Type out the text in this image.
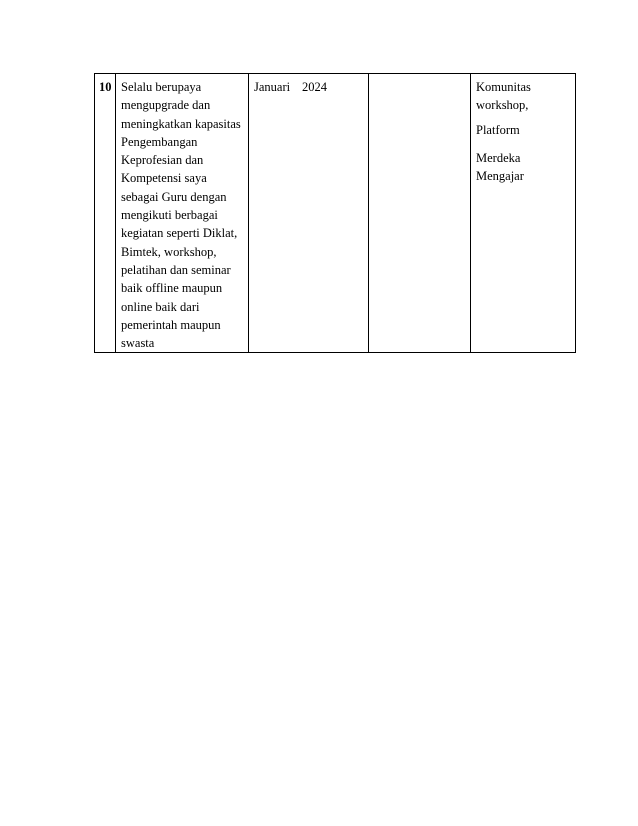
10	Selalu berupaya mengupgrade dan meningkatkan kapasitas Pengembangan Keprofesian dan Kompetensi saya sebagai Guru dengan mengikuti berbagai kegiatan seperti Diklat, Bimtek, workshop, pelatihan dan seminar baik offline maupun online baik dari pemerintah maupun swasta	Januari 2024		Komunitas
workshop,
Platform
Merdeka
Mengajar
